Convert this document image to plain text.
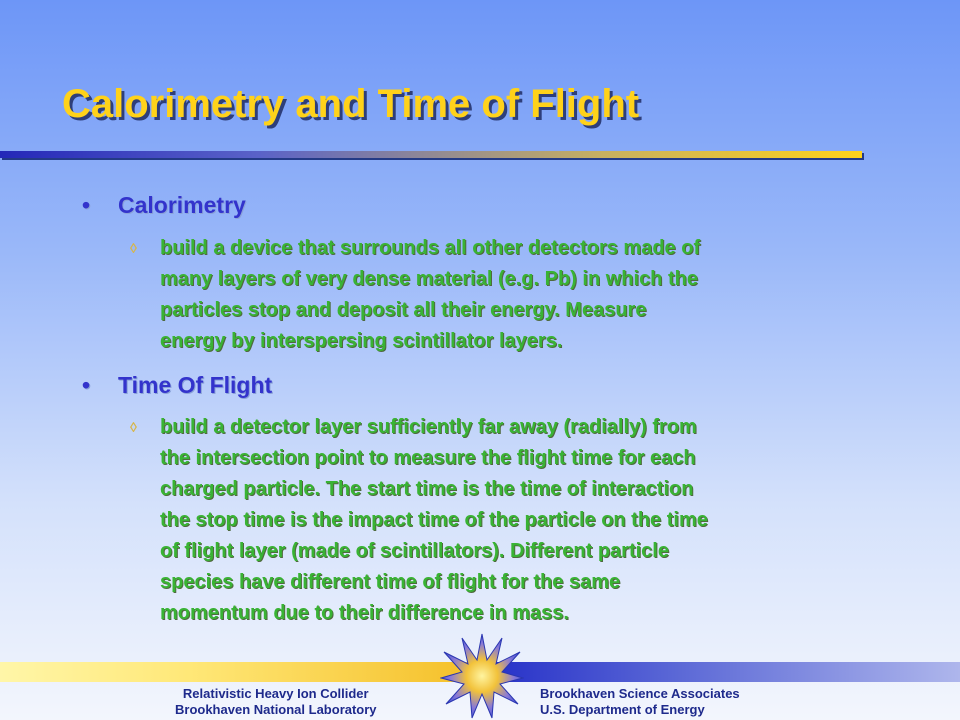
Calorimetry and Time of Flight
• Calorimetry
◊	build a device that surrounds all other detectors made of
many layers of very dense material (e.g. Pb) in which the
particles stop and deposit all their energy. Measure
energy by interspersing scintillator layers.
• Time Of Flight
◊	build a detector layer sufficiently far away (radially) from
the intersection point to measure the flight time for each
charged particle. The start time is the time of interaction
the stop time is the impact time of the particle on the time
of flight layer (made of scintillators). Different particle
species have different time of flight for the same
momentum due to their difference in mass.
Relativistic Heavy Ion Collider
Brookhaven National Laboratory
Brookhaven Science Associates
U.S. Department of Energy
